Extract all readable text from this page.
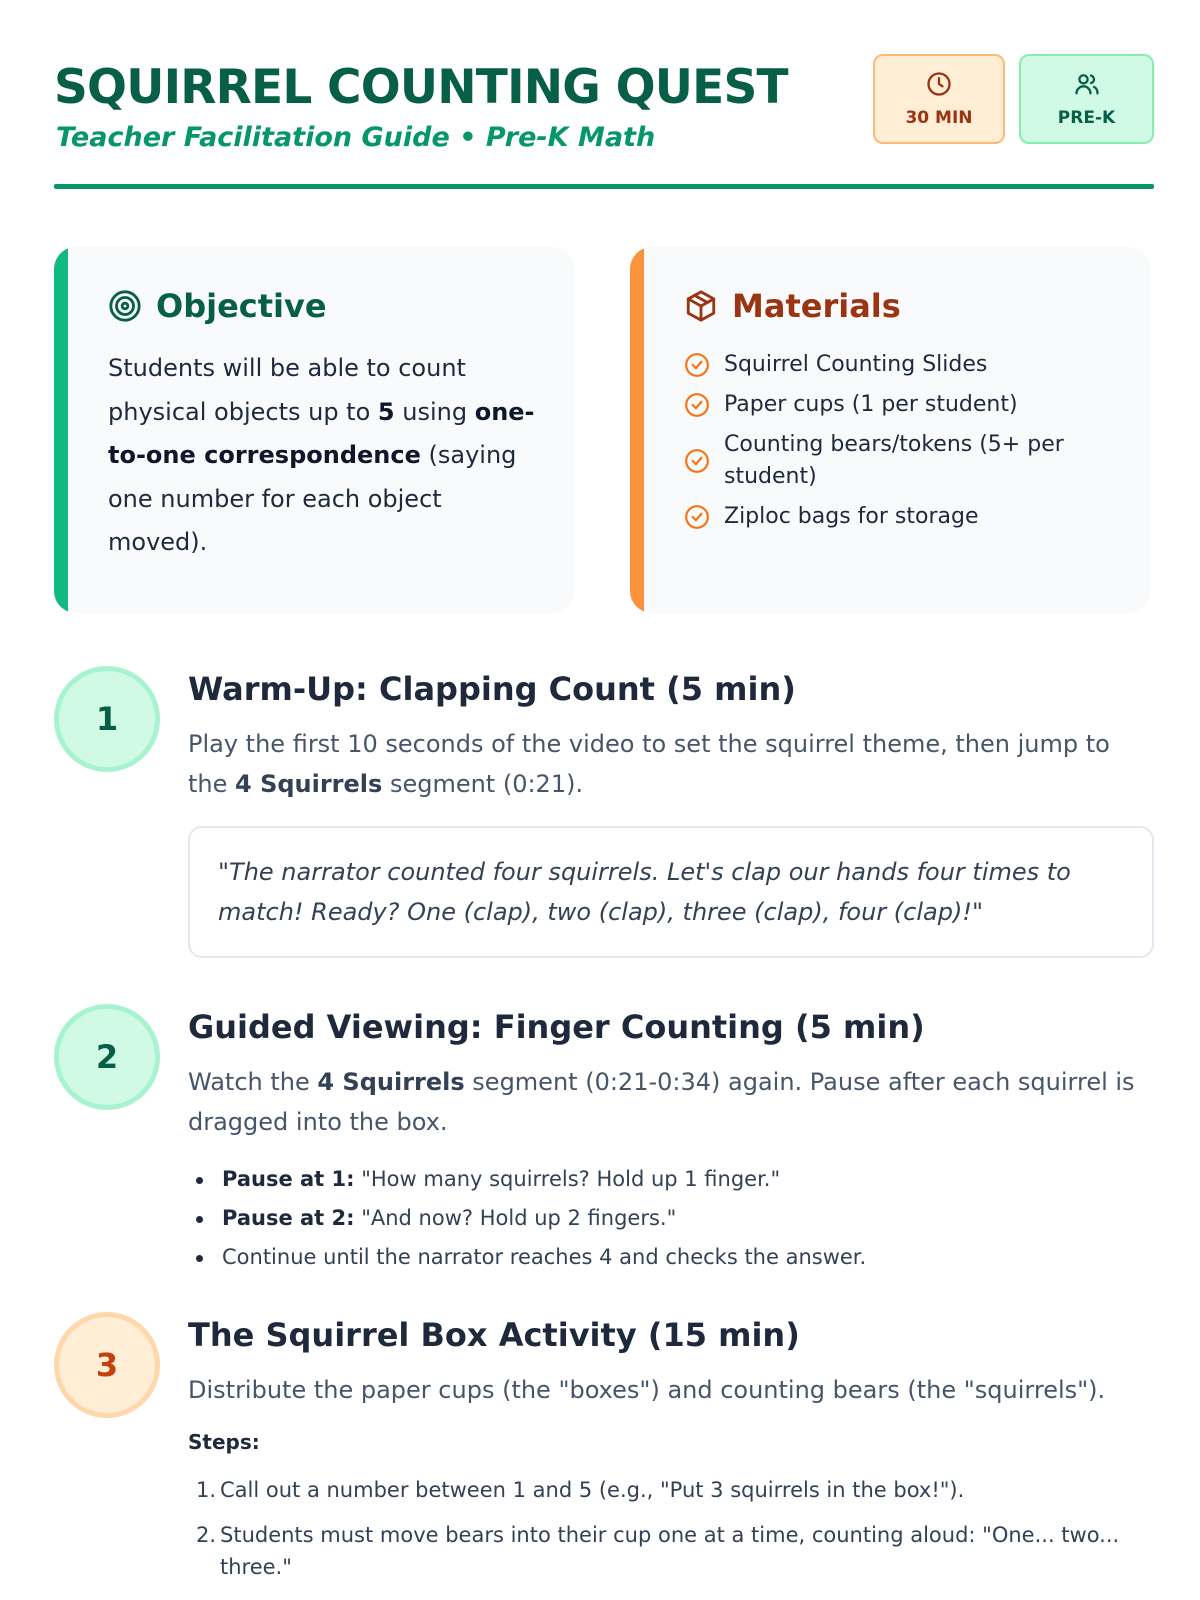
SQUIRREL COUNTING QUEST
Teacher Facilitation Guide • Pre-K Math
30 MIN	PRE-K
Objective
Students will be able to count physical objects up to 5 using one-to-one correspondence (saying one number for each object moved).
Materials
Squirrel Counting Slides
Paper cups (1 per student)
Counting bears/tokens (5+ per student)
Ziploc bags for storage
1
Warm-Up: Clapping Count (5 min)
Play the first 10 seconds of the video to set the squirrel theme, then jump to the 4 Squirrels segment (0:21).
"The narrator counted four squirrels. Let's clap our hands four times to match! Ready? One (clap), two (clap), three (clap), four (clap)!"
2
Guided Viewing: Finger Counting (5 min)
Watch the 4 Squirrels segment (0:21-0:34) again. Pause after each squirrel is dragged into the box.
Pause at 1: "How many squirrels? Hold up 1 finger."
Pause at 2: "And now? Hold up 2 fingers."
Continue until the narrator reaches 4 and checks the answer.
3
The Squirrel Box Activity (15 min)
Distribute the paper cups (the "boxes") and counting bears (the "squirrels").
Steps:
1. Call out a number between 1 and 5 (e.g., "Put 3 squirrels in the box!").
2. Students must move bears into their cup one at a time, counting aloud: "One... two... three."
